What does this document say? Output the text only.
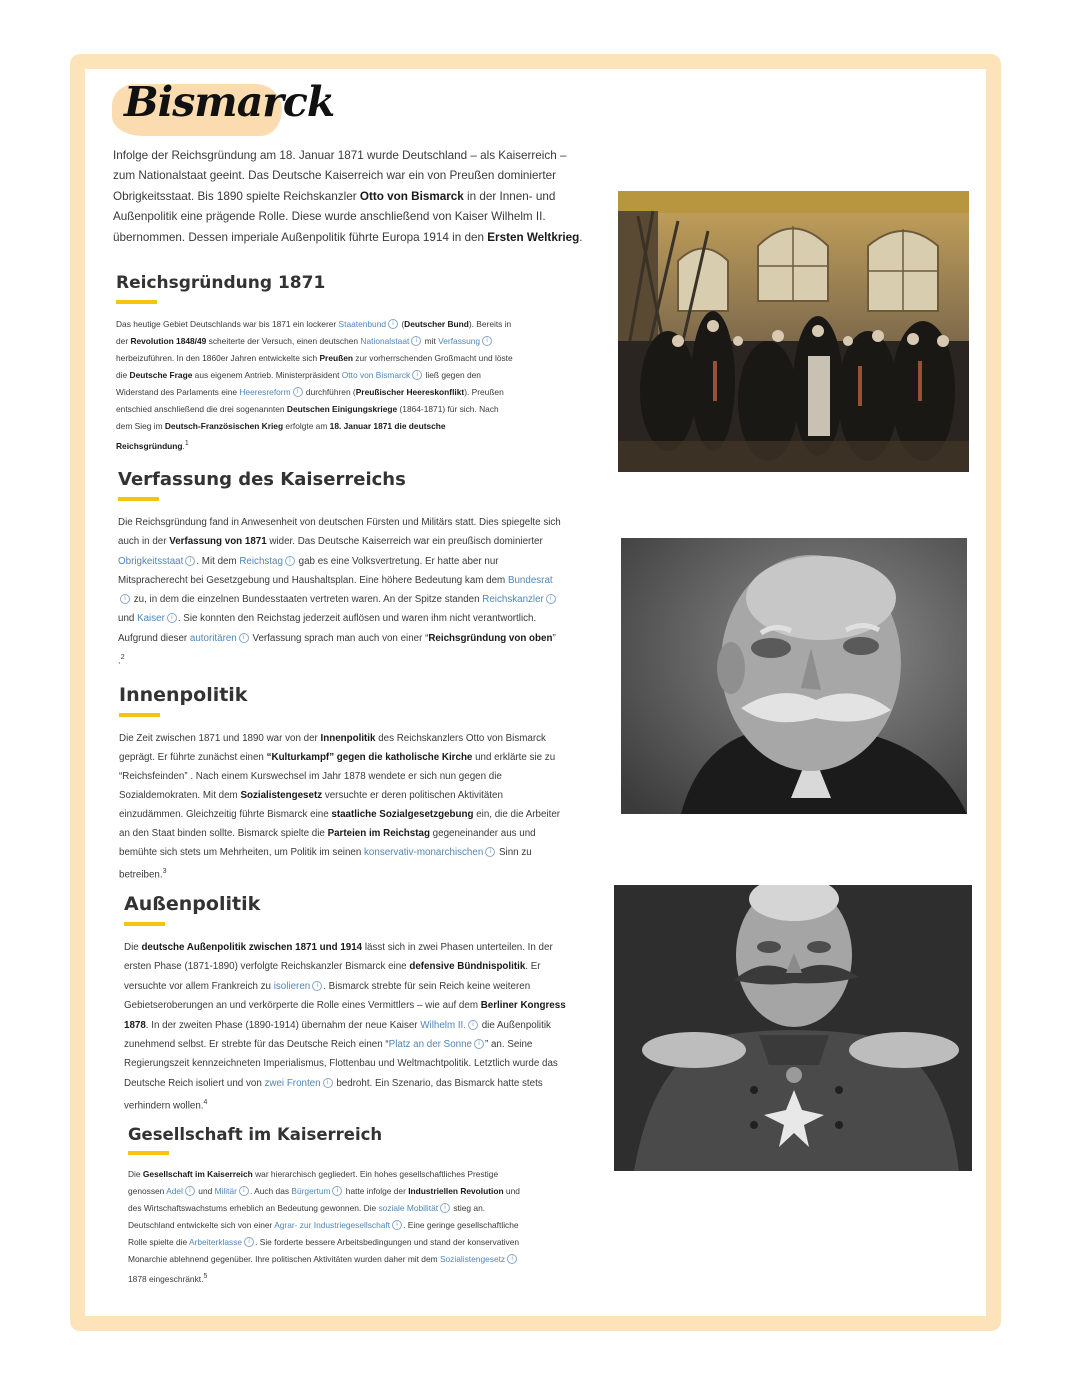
Bismarck

Infolge der Reichsgründung am 18. Januar 1871 wurde Deutschland – als Kaiserreich – zum Nationalstaat geeint. Das Deutsche Kaiserreich war ein von Preußen dominierter Obrigkeitsstaat. Bis 1890 spielte Reichskanzler Otto von Bismarck in der Innen- und Außenpolitik eine prägende Rolle. Diese wurde anschließend von Kaiser Wilhelm II. übernommen. Dessen imperiale Außenpolitik führte Europa 1914 in den Ersten Weltkrieg.

Reichsgründung 1871

Das heutige Gebiet Deutschlands war bis 1871 ein lockerer Staatenbund i (Deutscher Bund). Bereits in der Revolution 1848/49 scheiterte der Versuch, einen deutschen Nationalstaat i mit Verfassung i herbeizuführen. In den 1860er Jahren entwickelte sich Preußen zur vorherrschenden Großmacht und löste die Deutsche Frage aus eigenem Antrieb. Ministerpräsident Otto von Bismarck i ließ gegen den Widerstand des Parlaments eine Heeresreform i durchführen (Preußischer Heereskonflikt). Preußen entschied anschließend die drei sogenannten Deutschen Einigungskriege (1864-1871) für sich. Nach dem Sieg im Deutsch-Französischen Krieg erfolgte am 18. Januar 1871 die deutsche Reichsgründung.$^1$

Verfassung des Kaiserreichs

Die Reichsgründung fand in Anwesenheit von deutschen Fürsten und Militärs statt. Dies spiegelte sich auch in der Verfassung von 1871 wider. Das Deutsche Kaiserreich war ein preußisch dominierter Obrigkeitsstaat i . Mit dem Reichstag i gab es eine Volksvertretung. Er hatte aber nur Mitspracherecht bei Gesetzgebung und Haushaltsplan. Eine höhere Bedeutung kam dem Bundesrati zu, in dem die einzelnen Bundesstaaten vertreten waren. An der Spitze standen Reichskanzler i und Kaiser i . Sie konnten den Reichstag jederzeit auflösen und waren ihm nicht verantwortlich. Aufgrund dieser autoritären i Verfassung sprach man auch von einer “Reichsgründung von oben” .$^2$

Innenpolitik

Die Zeit zwischen 1871 und 1890 war von der Innenpolitik des Reichskanzlers Otto von Bismarck geprägt. Er führte zunächst einen “Kulturkampf” gegen die katholische Kirche und erklärte sie zu “Reichsfeinden” . Nach einem Kurswechsel im Jahr 1878 wendete er sich nun gegen die Sozialdemokraten. Mit dem Sozialistengesetz versuchte er deren politischen Aktivitäten einzudämmen. Gleichzeitig führte Bismarck eine staatliche Sozialgesetzgebung ein, die die Arbeiter an den Staat binden sollte. Bismarck spielte die Parteien im Reichstag gegeneinander aus und bemühte sich stets um Mehrheiten, um Politik im seinen konservativ-monarchischen i Sinn zu betreiben.$^3$

Außenpolitik

Die deutsche Außenpolitik zwischen 1871 und 1914 lässt sich in zwei Phasen unterteilen. In der ersten Phase (1871-1890) verfolgte Reichskanzler Bismarck eine defensive Bündnispolitik. Er versuchte vor allem Frankreich zu isolieren i . Bismarck strebte für sein Reich keine weiteren Gebietseroberungen an und verkörperte die Rolle eines Vermittlers – wie auf dem Berliner Kongress 1878. In der zweiten Phase (1890-1914) übernahm der neue Kaiser Wilhelm II. i die Außenpolitik zunehmend selbst. Er strebte für das Deutsche Reich einen “Platz an der Sonne i ” an. Seine Regierungszeit kennzeichneten Imperialismus, Flottenbau und Weltmachtpolitik. Letztlich wurde das Deutsche Reich isoliert und von zwei Fronten i bedroht. Ein Szenario, das Bismarck hatte stets verhindern wollen.$^4$

Gesellschaft im Kaiserreich

Die Gesellschaft im Kaiserreich war hierarchisch gegliedert. Ein hohes gesellschaftliches Prestige genossen Adel i und Militär i . Auch das Bürgertum i hatte infolge der Industriellen Revolution und des Wirtschaftswachstums erheblich an Bedeutung gewonnen. Die soziale Mobilität i stieg an. Deutschland entwickelte sich von einer Agrar- zur Industriegesellschaft i . Eine geringe gesellschaftliche Rolle spielte die Arbeiterklasse i . Sie forderte bessere Arbeitsbedingungen und stand der konservativen Monarchie ablehnend gegenüber. Ihre politischen Aktivitäten wurden daher mit dem Sozialistengesetz i 1878 eingeschränkt.$^5$
